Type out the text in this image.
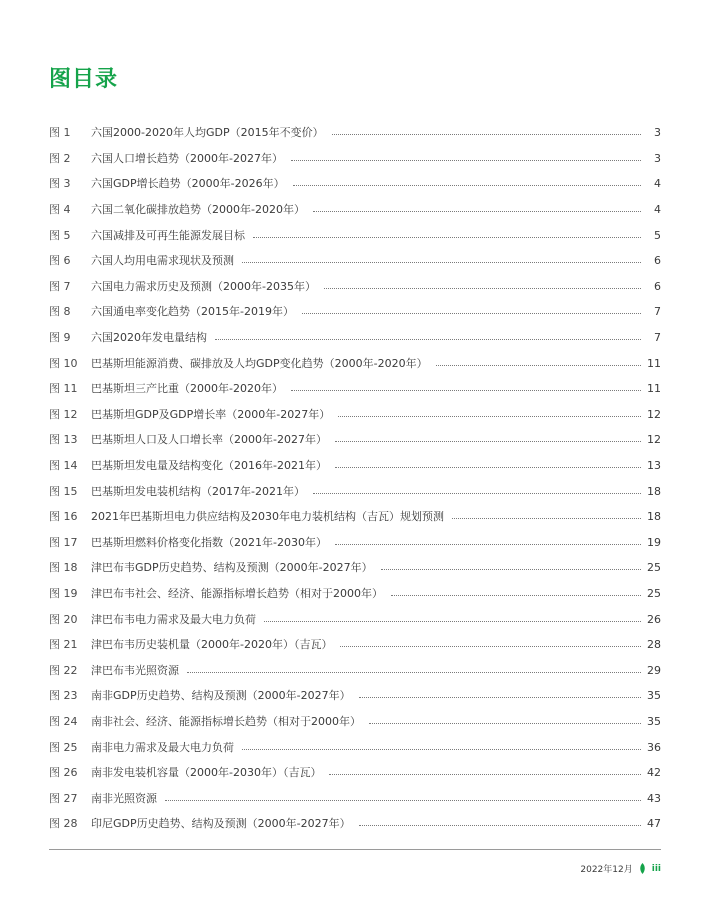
图目录
图 1	六国2000-2020年人均GDP（2015年不变价）	3
图 2	六国人口增长趋势（2000年-2027年）	3
图 3	六国GDP增长趋势（2000年-2026年）	4
图 4	六国二氧化碳排放趋势（2000年-2020年）	4
图 5	六国减排及可再生能源发展目标	5
图 6	六国人均用电需求现状及预测	6
图 7	六国电力需求历史及预测（2000年-2035年）	6
图 8	六国通电率变化趋势（2015年-2019年）	7
图 9	六国2020年发电量结构	7
图 10	巴基斯坦能源消费、碳排放及人均GDP变化趋势（2000年-2020年）	11
图 11	巴基斯坦三产比重（2000年-2020年）	11
图 12	巴基斯坦GDP及GDP增长率（2000年-2027年）	12
图 13	巴基斯坦人口及人口增长率（2000年-2027年）	12
图 14	巴基斯坦发电量及结构变化（2016年-2021年）	13
图 15	巴基斯坦发电装机结构（2017年-2021年）	18
图 16	2021年巴基斯坦电力供应结构及2030年电力装机结构（吉瓦）规划预测	18
图 17	巴基斯坦燃料价格变化指数（2021年-2030年）	19
图 18	津巴布韦GDP历史趋势、结构及预测（2000年-2027年）	25
图 19	津巴布韦社会、经济、能源指标增长趋势（相对于2000年）	25
图 20	津巴布韦电力需求及最大电力负荷	26
图 21	津巴布韦历史装机量（2000年-2020年）（吉瓦）	28
图 22	津巴布韦光照资源	29
图 23	南非GDP历史趋势、结构及预测（2000年-2027年）	35
图 24	南非社会、经济、能源指标增长趋势（相对于2000年）	35
图 25	南非电力需求及最大电力负荷	36
图 26	南非发电装机容量（2000年-2030年）（吉瓦）	42
图 27	南非光照资源	43
图 28	印尼GDP历史趋势、结构及预测（2000年-2027年）	47
2022年12月 iii
